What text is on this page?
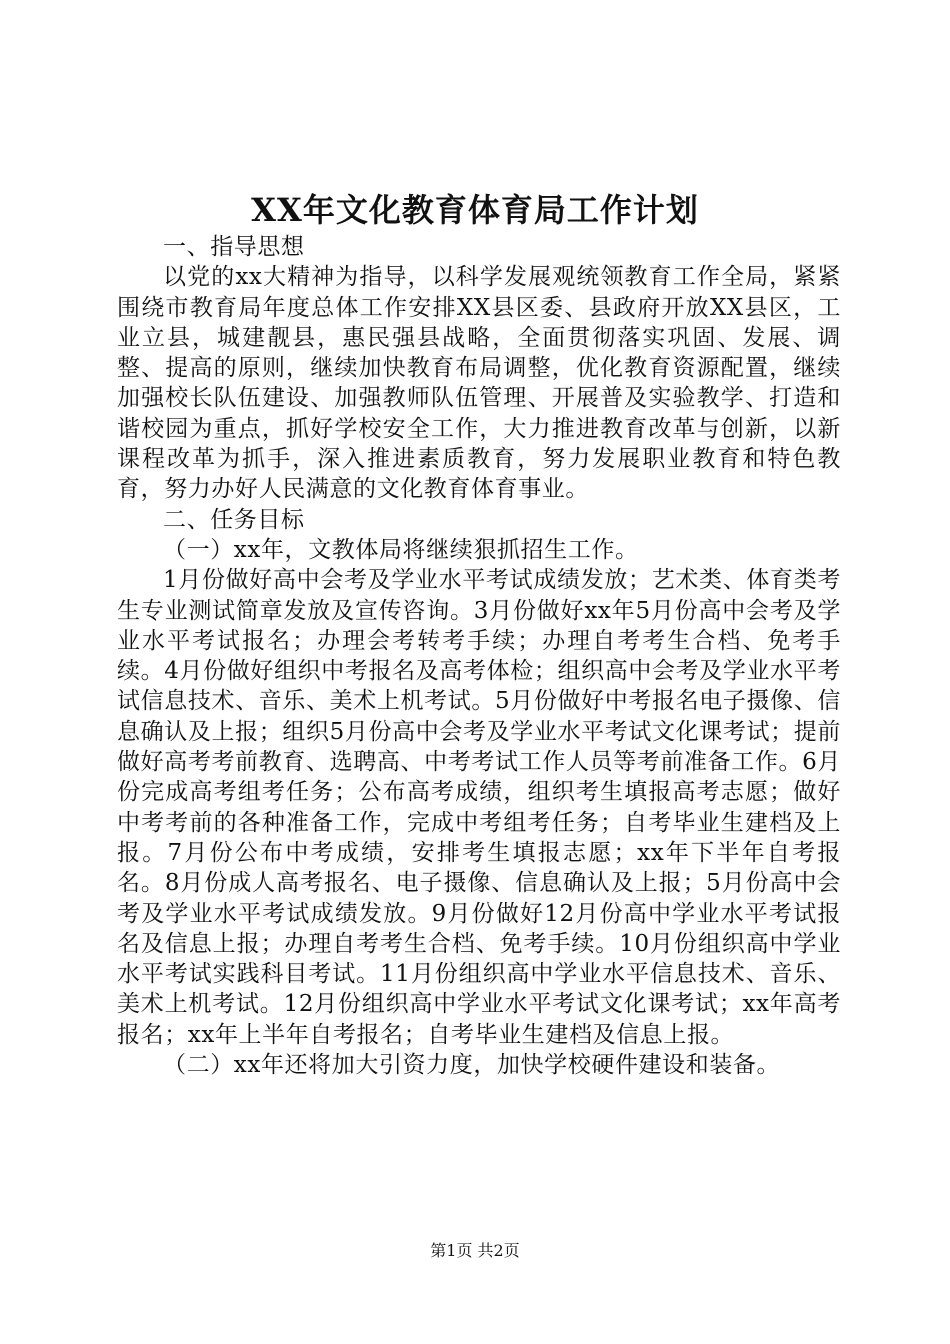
XX年文化教育体育局工作计划

一、指导思想

以党的xx大精神为指导，以科学发展观统领教育工作全局，紧紧围绕市教育局年度总体工作安排XX县区委、县政府开放XX县区，工业立县，城建靓县，惠民强县战略，全面贯彻落实巩固、发展、调整、提高的原则，继续加快教育布局调整，优化教育资源配置，继续加强校长队伍建设、加强教师队伍管理、开展普及实验教学、打造和谐校园为重点，抓好学校安全工作，大力推进教育改革与创新，以新课程改革为抓手，深入推进素质教育，努力发展职业教育和特色教育，努力办好人民满意的文化教育体育事业。

二、任务目标

（一）xx年，文教体局将继续狠抓招生工作。

1月份做好高中会考及学业水平考试成绩发放；艺术类、体育类考生专业测试简章发放及宣传咨询。3月份做好xx年5月份高中会考及学业水平考试报名；办理会考转考手续；办理自考考生合档、免考手续。4月份做好组织中考报名及高考体检；组织高中会考及学业水平考试信息技术、音乐、美术上机考试。5月份做好中考报名电子摄像、信息确认及上报；组织5月份高中会考及学业水平考试文化课考试；提前做好高考考前教育、选聘高、中考考试工作人员等考前准备工作。6月份完成高考组考任务；公布高考成绩，组织考生填报高考志愿；做好中考考前的各种准备工作，完成中考组考任务；自考毕业生建档及上报。7月份公布中考成绩，安排考生填报志愿；xx年下半年自考报名。8月份成人高考报名、电子摄像、信息确认及上报；5月份高中会考及学业水平考试成绩发放。9月份做好12月份高中学业水平考试报名及信息上报；办理自考考生合档、免考手续。10月份组织高中学业水平考试实践科目考试。11月份组织高中学业水平信息技术、音乐、美术上机考试。12月份组织高中学业水平考试文化课考试；xx年高考报名；xx年上半年自考报名；自考毕业生建档及信息上报。

（二）xx年还将加大引资力度，加快学校硬件建设和装备。

第1页 共2页
